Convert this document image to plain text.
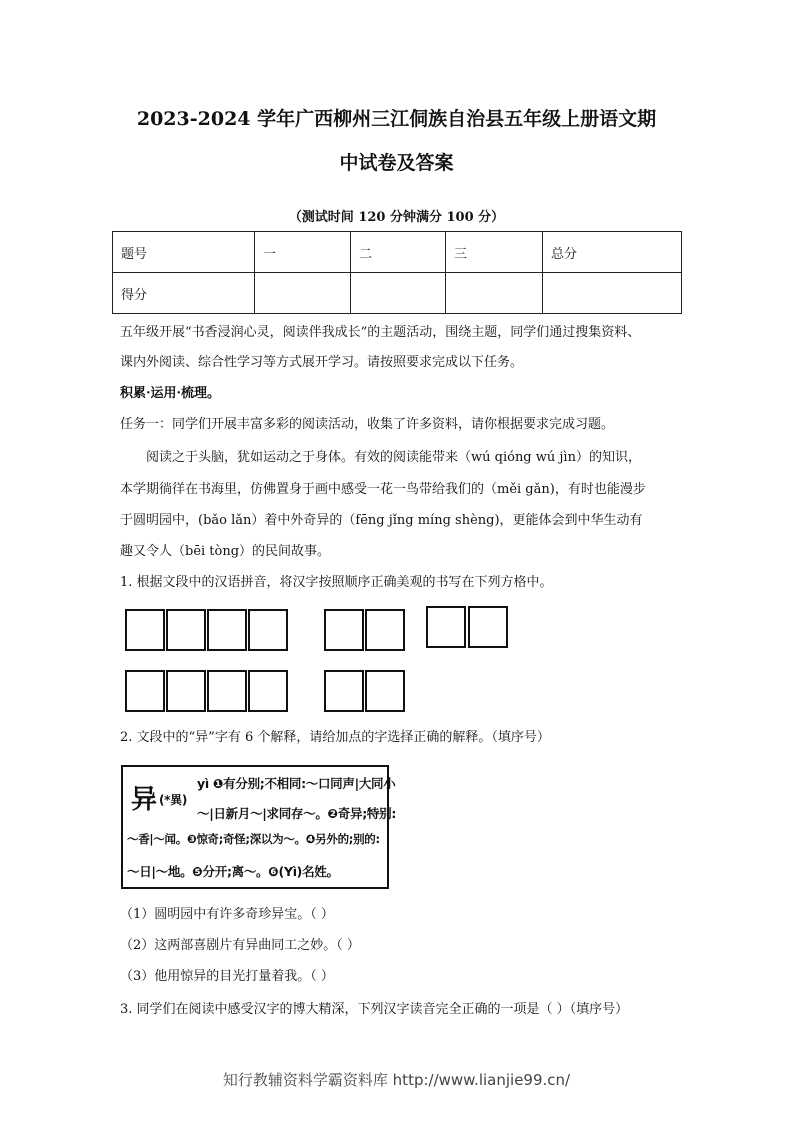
2023-2024 学年广西柳州三江侗族自治县五年级上册语文期
中试卷及答案
（测试时间 120 分钟满分 100 分）
题号	一	二	三	总分
得分				
五年级开展“书香浸润心灵，阅读伴我成长”的主题活动，围绕主题，同学们通过搜集资料、
课内外阅读、综合性学习等方式展开学习。请按照要求完成以下任务。
积累·运用·梳理。
任务一：同学们开展丰富多彩的阅读活动，收集了许多资料，请你根据要求完成习题。
阅读之于头脑，犹如运动之于身体。有效的阅读能带来（wú qióng wú jìn）的知识，
本学期徜徉在书海里，仿佛置身于画中感受一花一鸟带给我们的（měi gǎn)，有时也能漫步
于圆明园中，(bǎo lǎn）着中外奇异的（fēng jǐng míng shèng)，更能体会到中华生动有
趣又令人（bēi tòng）的民间故事。
1. 根据文段中的汉语拼音，将汉字按照顺序正确美观的书写在下列方格中。
2. 文段中的“异”字有 6 个解释，请给加点的字选择正确的解释。（填序号）
异 (*異)
yì ❶有分别;不相同:～口同声|大同小
～|日新月～|求同存～。❷奇异;特别:
～香|～闻。❸惊奇;奇怪;深以为～。❹另外的;别的:
～日|～地。❺分开;离～。❻(Yì)名姓。
（1）圆明园中有许多奇珍异宝。（ ）
（2）这两部喜剧片有异曲同工之妙。（ ）
（3）他用惊异的目光打量着我。（ ）
3. 同学们在阅读中感受汉字的博大精深，下列汉字读音完全正确的一项是（ ）（填序号）
知行教辅资料学霸资料库 http://www.lianjie99.cn/
